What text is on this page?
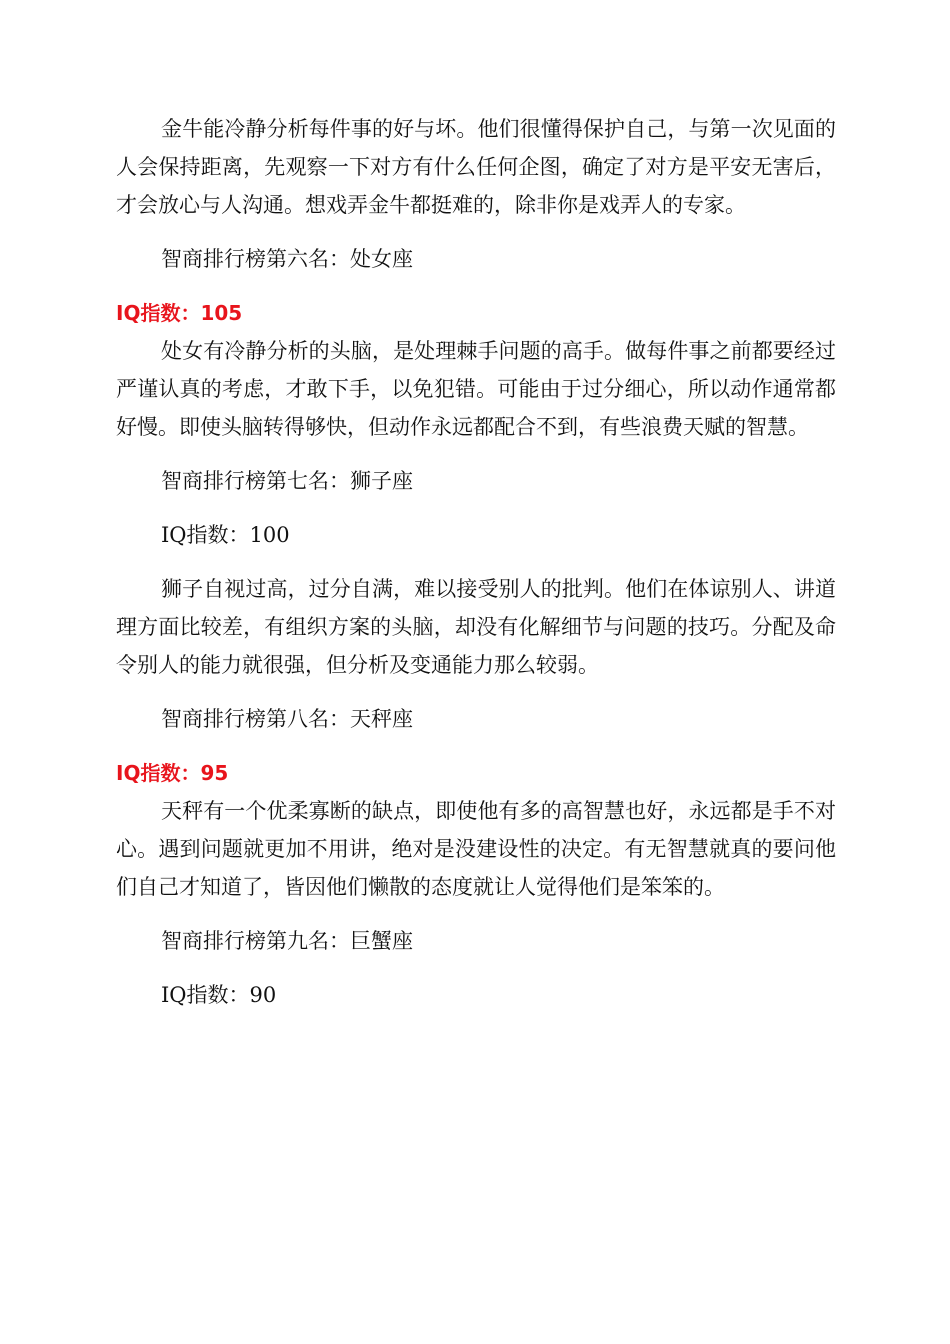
金牛能冷静分析每件事的好与坏。他们很懂得保护自己，与第一次见面的人会保持距离，先观察一下对方有什么任何企图，确定了对方是平安无害后，才会放心与人沟通。想戏弄金牛都挺难的，除非你是戏弄人的专家。

智商排行榜第六名：处女座

IQ指数：105

处女有冷静分析的头脑，是处理棘手问题的高手。做每件事之前都要经过严谨认真的考虑，才敢下手，以免犯错。可能由于过分细心，所以动作通常都好慢。即使头脑转得够快，但动作永远都配合不到，有些浪费天赋的智慧。

智商排行榜第七名：狮子座

IQ指数：100

狮子自视过高，过分自满，难以接受别人的批判。他们在体谅别人、讲道理方面比较差，有组织方案的头脑，却没有化解细节与问题的技巧。分配及命令别人的能力就很强，但分析及变通能力那么较弱。

智商排行榜第八名：天秤座

IQ指数：95

天秤有一个优柔寡断的缺点，即使他有多的高智慧也好，永远都是手不对心。遇到问题就更加不用讲，绝对是没建设性的决定。有无智慧就真的要问他们自己才知道了，皆因他们懒散的态度就让人觉得他们是笨笨的。

智商排行榜第九名：巨蟹座

IQ指数：90
